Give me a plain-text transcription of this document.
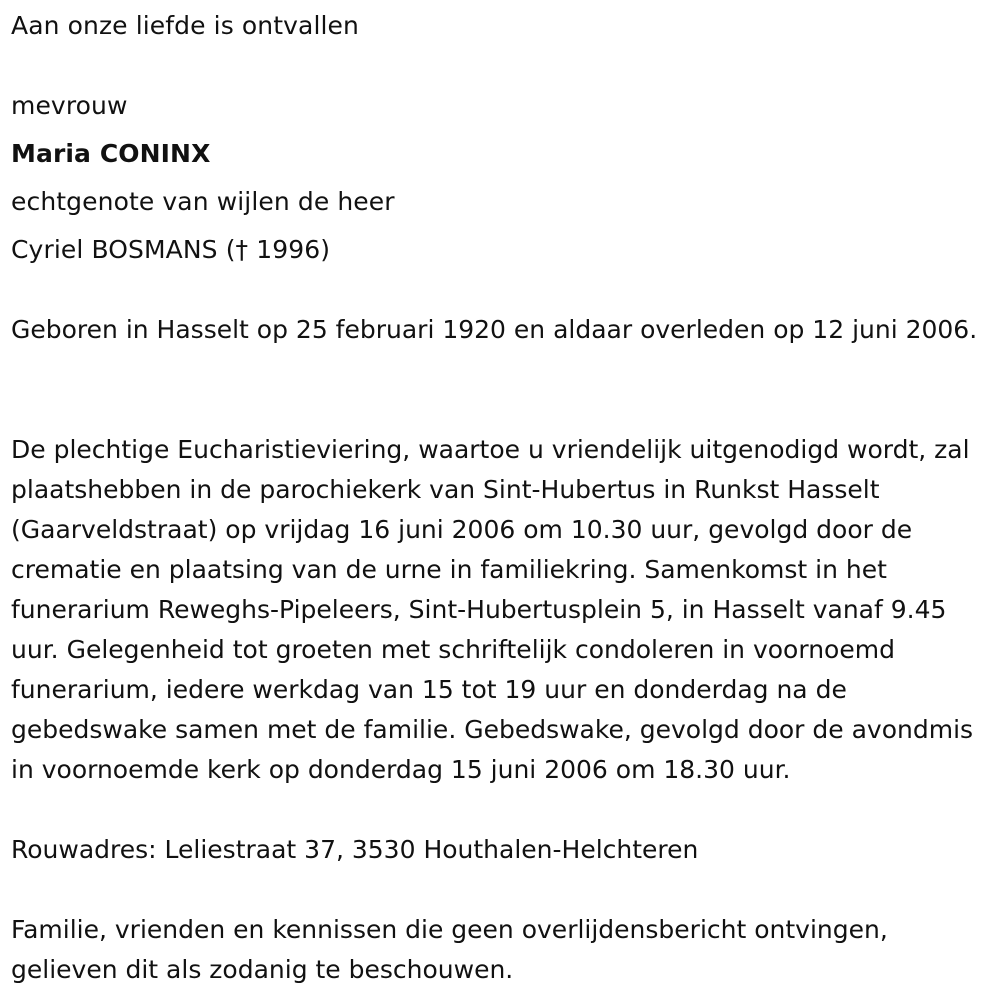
Aan onze liefde is ontvallen
mevrouw
Maria CONINX
echtgenote van wijlen de heer
Cyriel BOSMANS († 1996)

Geboren in Hasselt op 25 februari 1920 en aldaar overleden op 12 juni 2006.

De plechtige Eucharistieviering, waartoe u vriendelijk uitgenodigd wordt, zal plaatshebben in de parochiekerk van Sint-Hubertus in Runkst Hasselt (Gaarveldstraat) op vrijdag 16 juni 2006 om 10.30 uur, gevolgd door de crematie en plaatsing van de urne in familiekring. Samenkomst in het funerarium Reweghs-Pipeleers, Sint-Hubertusplein 5, in Hasselt vanaf 9.45 uur. Gelegenheid tot groeten met schriftelijk condoleren in voornoemd funerarium, iedere werkdag van 15 tot 19 uur en donderdag na de gebedswake samen met de familie. Gebedswake, gevolgd door de avondmis in voornoemde kerk op donderdag 15 juni 2006 om 18.30 uur.

Rouwadres: Leliestraat 37, 3530 Houthalen-Helchteren

Familie, vrienden en kennissen die geen overlijdensbericht ontvingen, gelieven dit als zodanig te beschouwen.
